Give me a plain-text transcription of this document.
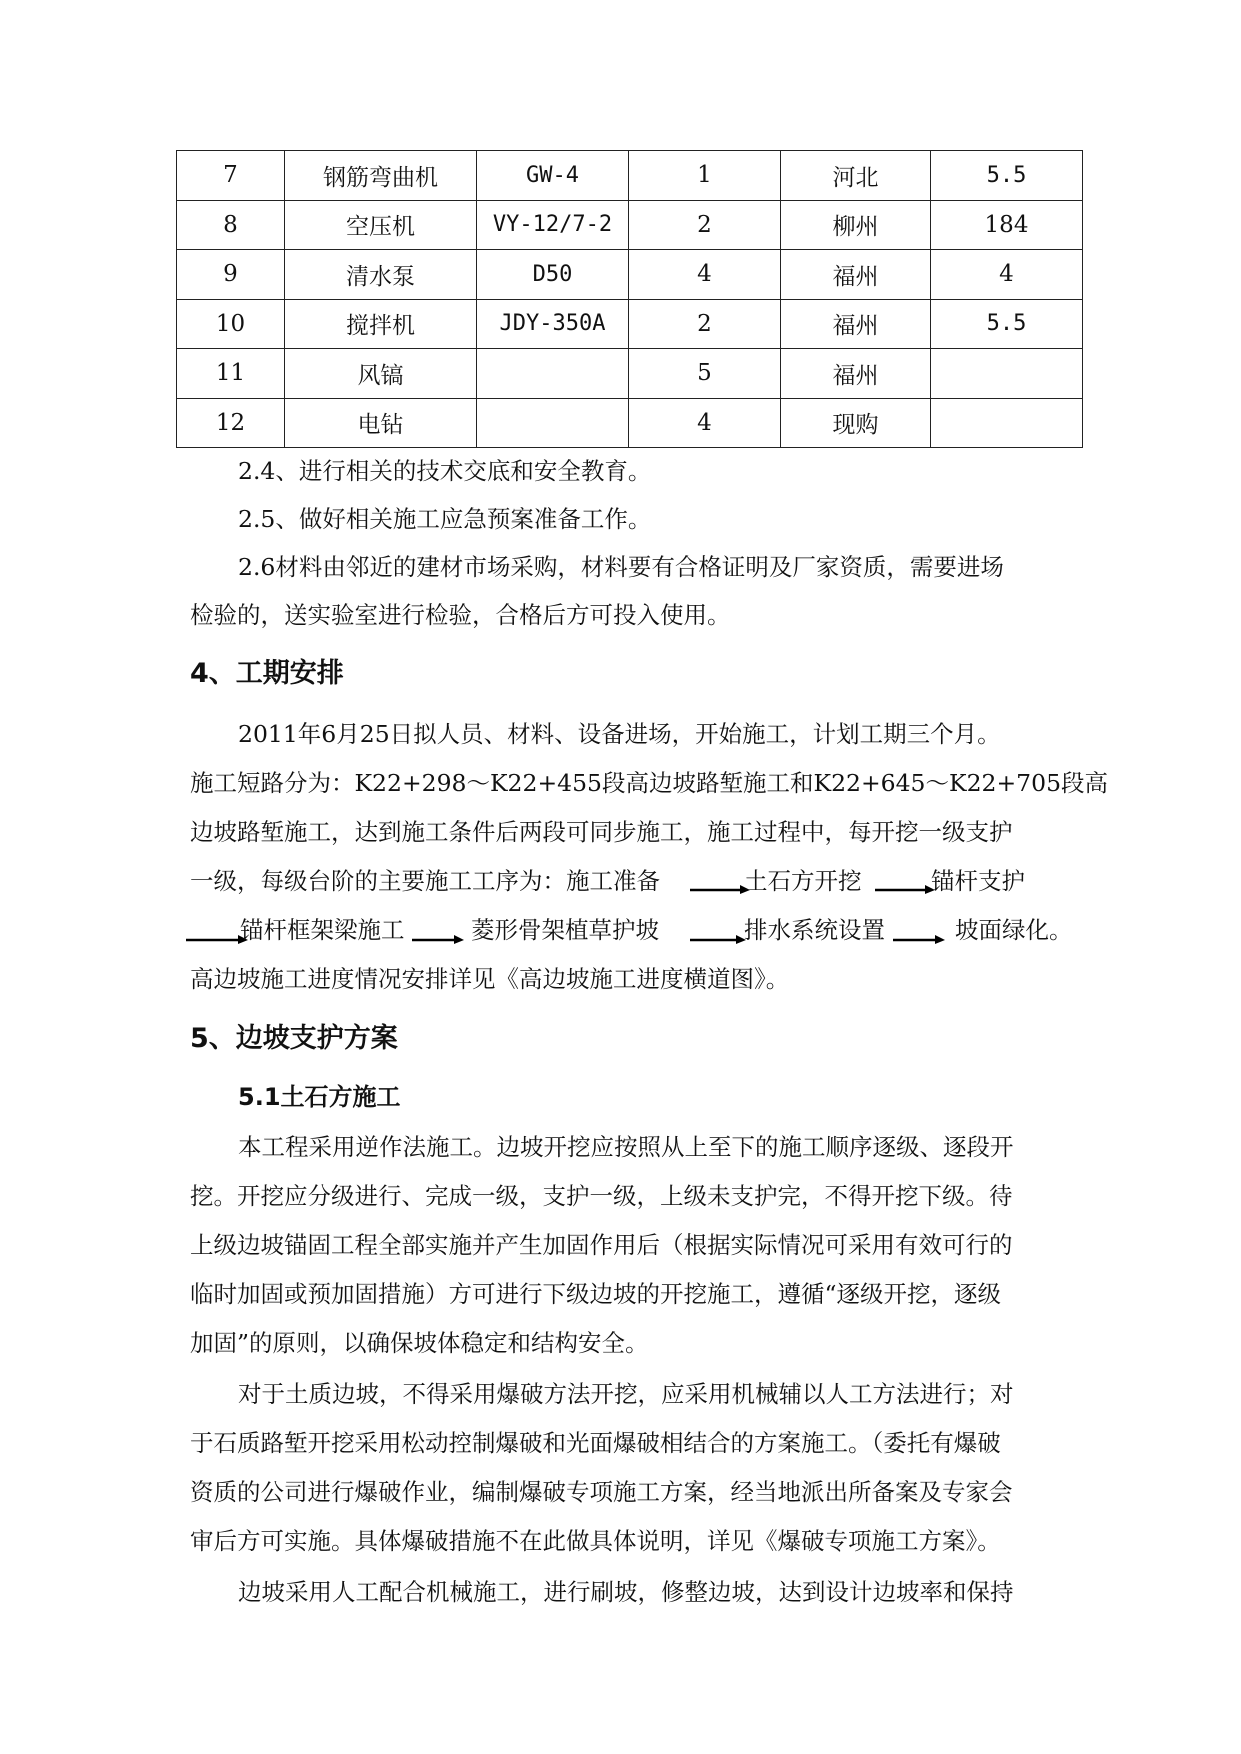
7	钢筋弯曲机	GW-4	1	河北	5.5
8	空压机	VY-12/7-2	2	柳州	184
9	清水泵	D50	4	福州	4
10	搅拌机	JDY-350A	2	福州	5.5
11	风镐		5	福州	
12	电钻		4	现购	
2.4、进行相关的技术交底和安全教育。
2.5、做好相关施工应急预案准备工作。
2.6材料由邻近的建材市场采购，材料要有合格证明及厂家资质，需要进场
检验的，送实验室进行检验，合格后方可投入使用。
4、工期安排
2011年6月25日拟人员、材料、设备进场，开始施工，计划工期三个月。
施工短路分为：K22+298～K22+455段高边坡路堑施工和K22+645～K22+705段高
边坡路堑施工，达到施工条件后两段可同步施工，施工过程中，每开挖一级支护
一级，每级台阶的主要施工工序为：施工准备	土石方开挖	锚杆支护
锚杆框架梁施工	菱形骨架植草护坡	排水系统设置	坡面绿化。
高边坡施工进度情况安排详见《高边坡施工进度横道图》。
5、边坡支护方案
5.1土石方施工
本工程采用逆作法施工。边坡开挖应按照从上至下的施工顺序逐级、逐段开
挖。开挖应分级进行、完成一级，支护一级，上级未支护完，不得开挖下级。待
上级边坡锚固工程全部实施并产生加固作用后（根据实际情况可采用有效可行的
临时加固或预加固措施）方可进行下级边坡的开挖施工，遵循“逐级开挖，逐级
加固”的原则，以确保坡体稳定和结构安全。
对于土质边坡，不得采用爆破方法开挖，应采用机械辅以人工方法进行；对
于石质路堑开挖采用松动控制爆破和光面爆破相结合的方案施工。（委托有爆破
资质的公司进行爆破作业，编制爆破专项施工方案，经当地派出所备案及专家会
审后方可实施。具体爆破措施不在此做具体说明，详见《爆破专项施工方案》。
边坡采用人工配合机械施工，进行刷坡，修整边坡，达到设计边坡率和保持
